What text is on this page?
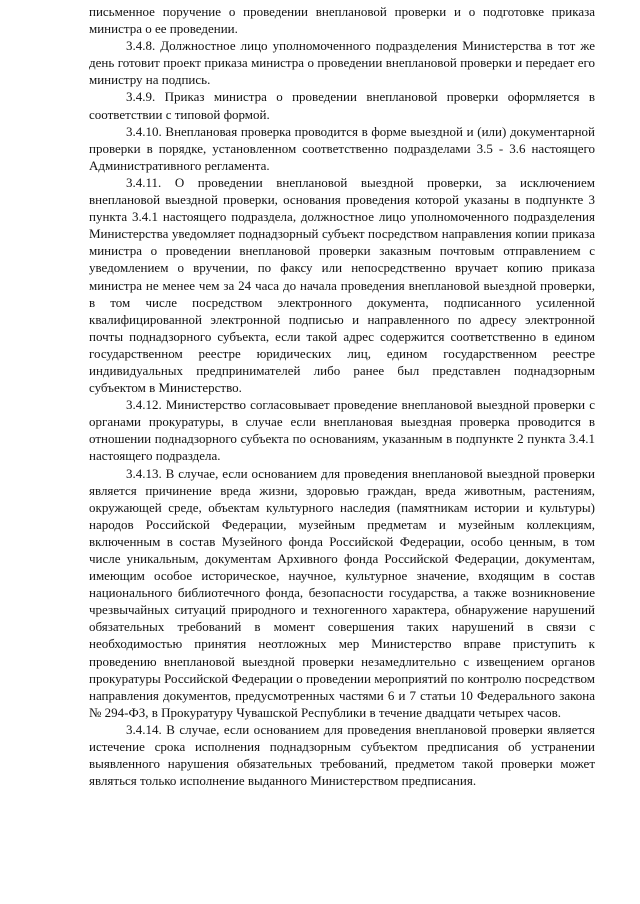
письменное поручение о проведении внеплановой проверки и о подготовке приказа министра о ее проведении.

3.4.8. Должностное лицо уполномоченного подразделения Министерства в тот же день готовит проект приказа министра о проведении внеплановой проверки и передает его министру на подпись.

3.4.9. Приказ министра о проведении внеплановой проверки оформляется в соответствии с типовой формой.

3.4.10. Внеплановая проверка проводится в форме выездной и (или) документарной проверки в порядке, установленном соответственно подразделами 3.5 - 3.6 настоящего Административного регламента.

3.4.11. О проведении внеплановой выездной проверки, за исключением внеплановой выездной проверки, основания проведения которой указаны в подпункте 3 пункта 3.4.1 настоящего подраздела, должностное лицо уполномоченного подразделения Министерства уведомляет поднадзорный субъект посредством направления копии приказа министра о проведении внеплановой проверки заказным почтовым отправлением с уведомлением о вручении, по факсу или непосредственно вручает копию приказа министра не менее чем за 24 часа до начала проведения внеплановой выездной проверки, в том числе посредством электронного документа, подписанного усиленной квалифицированной электронной подписью и направленного по адресу электронной почты поднадзорного субъекта, если такой адрес содержится соответственно в едином государственном реестре юридических лиц, едином государственном реестре индивидуальных предпринимателей либо ранее был представлен поднадзорным субъектом в Министерство.

3.4.12. Министерство согласовывает проведение внеплановой выездной проверки с органами прокуратуры, в случае если внеплановая выездная проверка проводится в отношении поднадзорного субъекта по основаниям, указанным в подпункте 2 пункта 3.4.1 настоящего подраздела.

3.4.13. В случае, если основанием для проведения внеплановой выездной проверки является причинение вреда жизни, здоровью граждан, вреда животным, растениям, окружающей среде, объектам культурного наследия (памятникам истории и культуры) народов Российской Федерации, музейным предметам и музейным коллекциям, включенным в состав Музейного фонда Российской Федерации, особо ценным, в том числе уникальным, документам Архивного фонда Российской Федерации, документам, имеющим особое историческое, научное, культурное значение, входящим в состав национального библиотечного фонда, безопасности государства, а также возникновение чрезвычайных ситуаций природного и техногенного характера, обнаружение нарушений обязательных требований в момент совершения таких нарушений в связи с необходимостью принятия неотложных мер Министерство вправе приступить к проведению внеплановой выездной проверки незамедлительно с извещением органов прокуратуры Российской Федерации о проведении мероприятий по контролю посредством направления документов, предусмотренных частями 6 и 7 статьи 10 Федерального закона № 294-ФЗ, в Прокуратуру Чувашской Республики в течение двадцати четырех часов.

3.4.14. В случае, если основанием для проведения внеплановой проверки является истечение срока исполнения поднадзорным субъектом предписания об устранении выявленного нарушения обязательных требований, предметом такой проверки может являться только исполнение выданного Министерством предписания.
